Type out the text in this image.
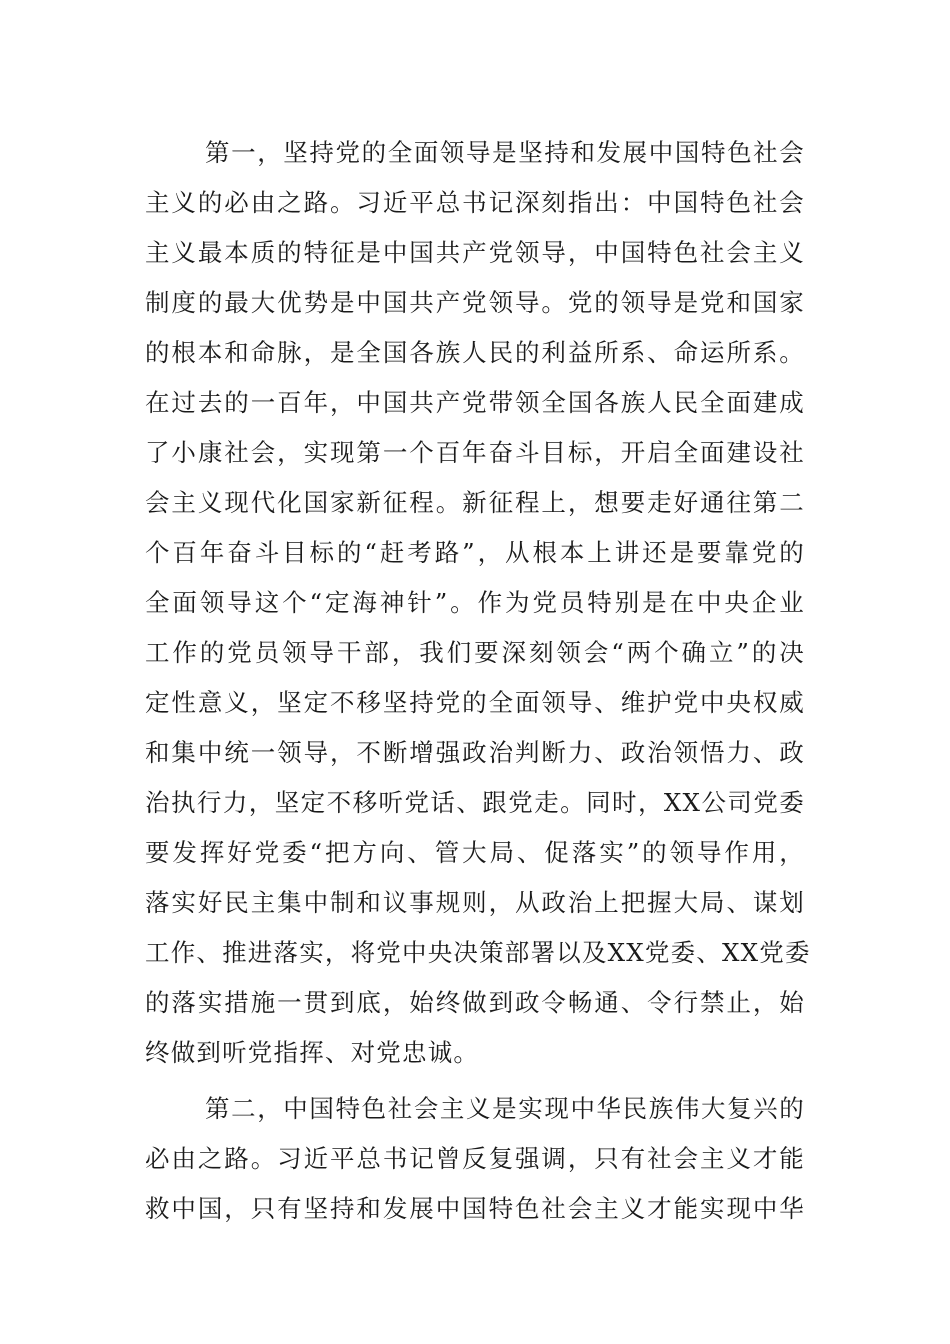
第一，坚持党的全面领导是坚持和发展中国特色社会
主义的必由之路。习近平总书记深刻指出：中国特色社会
主义最本质的特征是中国共产党领导，中国特色社会主义
制度的最大优势是中国共产党领导。党的领导是党和国家
的根本和命脉，是全国各族人民的利益所系、命运所系。
在过去的一百年，中国共产党带领全国各族人民全面建成
了小康社会，实现第一个百年奋斗目标，开启全面建设社
会主义现代化国家新征程。新征程上，想要走好通往第二
个百年奋斗目标的“赶考路”，从根本上讲还是要靠党的
全面领导这个“定海神针”。作为党员特别是在中央企业
工作的党员领导干部，我们要深刻领会“两个确立”的决
定性意义，坚定不移坚持党的全面领导、维护党中央权威
和集中统一领导，不断增强政治判断力、政治领悟力、政
治执行力，坚定不移听党话、跟党走。同时，XX公司党委
要发挥好党委“把方向、管大局、促落实”的领导作用，
落实好民主集中制和议事规则，从政治上把握大局、谋划
工作、推进落实，将党中央决策部署以及XX党委、XX党委
的落实措施一贯到底，始终做到政令畅通、令行禁止，始
终做到听党指挥、对党忠诚。

第二，中国特色社会主义是实现中华民族伟大复兴的
必由之路。习近平总书记曾反复强调，只有社会主义才能
救中国，只有坚持和发展中国特色社会主义才能实现中华
